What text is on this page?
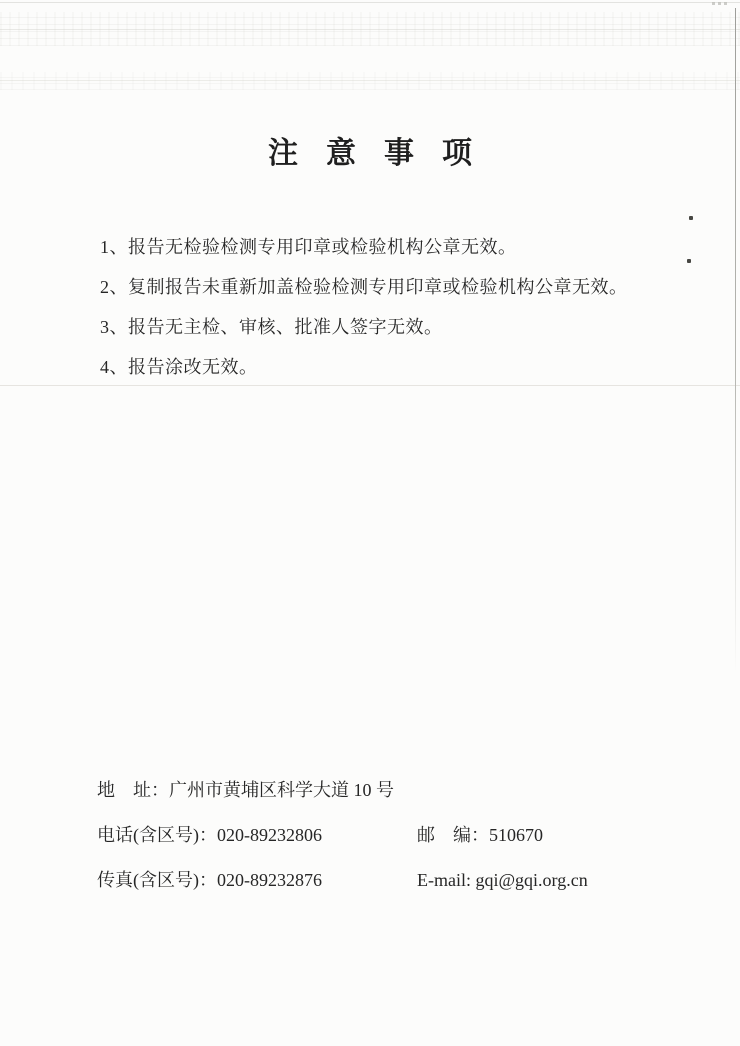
注意事项

1、报告无检验检测专用印章或检验机构公章无效。

2、复制报告未重新加盖检验检测专用印章或检验机构公章无效。

3、报告无主检、审核、批准人签字无效。

4、报告涂改无效。

地　址：广州市黄埔区科学大道 10 号
电话(含区号)：020-89232806	邮　编：510670
传真(含区号)：020-89232876	E-mail: gqi@gqi.org.cn
